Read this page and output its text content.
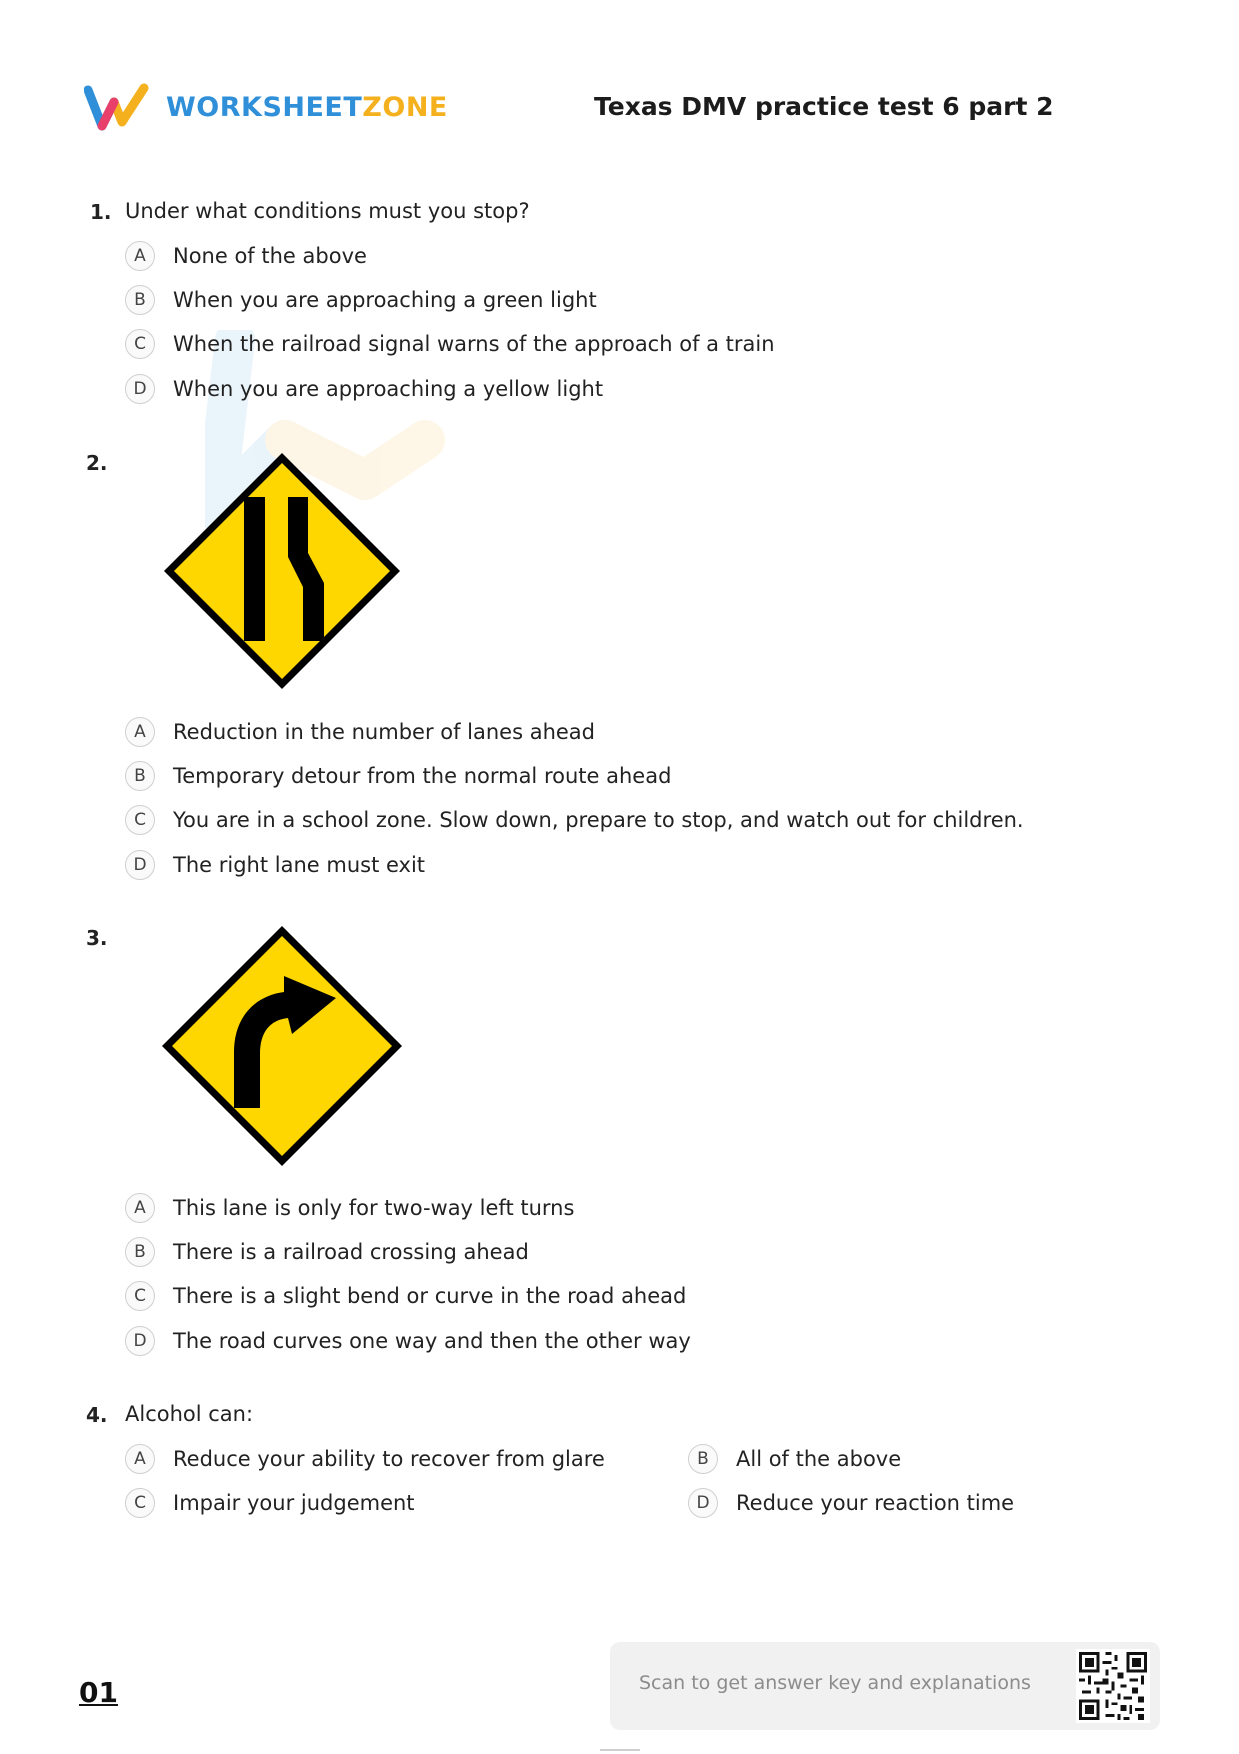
WORKSHEETZONE	Texas DMV practice test 6 part 2
1. Under what conditions must you stop?
A	None of the above
B	When you are approaching a green light
C	When the railroad signal warns of the approach of a train
D	When you are approaching a yellow light
2.
A	Reduction in the number of lanes ahead
B	Temporary detour from the normal route ahead
C	You are in a school zone. Slow down, prepare to stop, and watch out for children.
D	The right lane must exit
3.
A	This lane is only for two-way left turns
B	There is a railroad crossing ahead
C	There is a slight bend or curve in the road ahead
D	The road curves one way and then the other way
4. Alcohol can:
A	Reduce your ability to recover from glare	B	All of the above
C	Impair your judgement	D	Reduce your reaction time
01	Scan to get answer key and explanations
